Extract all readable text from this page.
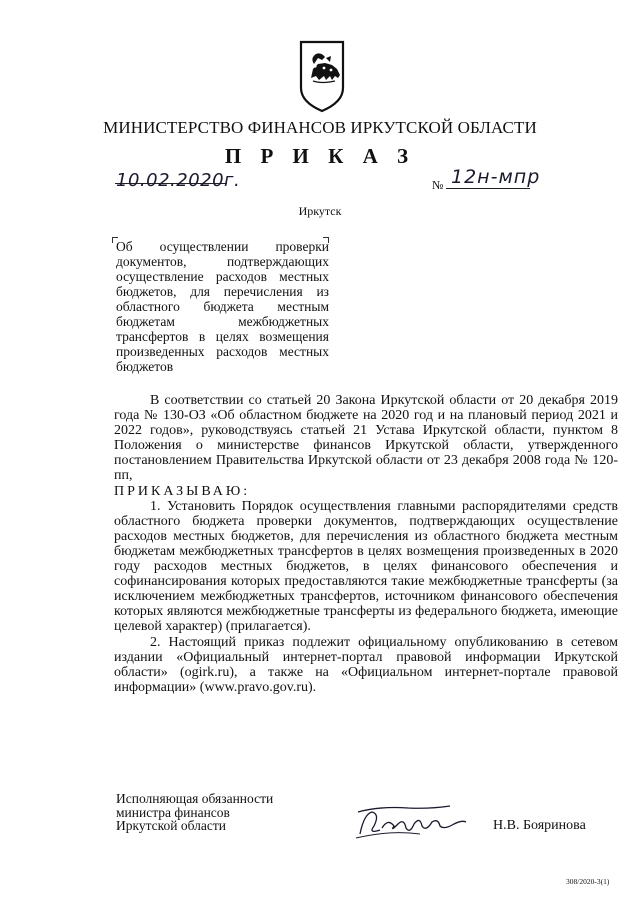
МИНИСТЕРСТВО ФИНАНСОВ ИРКУТСКОЙ ОБЛАСТИ
П Р И К А З
10.02.2020г.	№ 12н-мпр
Иркутск
Об осуществлении проверки документов, подтверждающих осуществление расходов местных бюджетов, для перечисления из областного бюджета местным бюджетам межбюджетных трансфертов в целях возмещения произведенных расходов местных бюджетов

В соответствии со статьей 20 Закона Иркутской области от 20 декабря 2019 года № 130-ОЗ «Об областном бюджете на 2020 год и на плановый период 2021 и 2022 годов», руководствуясь статьей 21 Устава Иркутской области, пунктом 8 Положения о министерстве финансов Иркутской области, утвержденного постановлением Правительства Иркутской области от 23 декабря 2008 года № 120-пп,

ПРИКАЗЫВАЮ:

1. Установить Порядок осуществления главными распорядителями средств областного бюджета проверки документов, подтверждающих осуществление расходов местных бюджетов, для перечисления из областного бюджета местным бюджетам межбюджетных трансфертов в целях возмещения произведенных в 2020 году расходов местных бюджетов, в целях финансового обеспечения и софинансирования которых предоставляются такие межбюджетные трансферты (за исключением межбюджетных трансфертов, источником финансового обеспечения которых являются межбюджетные трансферты из федерального бюджета, имеющие целевой характер) (прилагается).

2. Настоящий приказ подлежит официальному опубликованию в сетевом издании «Официальный интернет-портал правовой информации Иркутской области» (ogirk.ru), а также на «Официальном интернет-портале правовой информации» (www.pravo.gov.ru).

Исполняющая обязанности
министра финансов
Иркутской области	Н.В. Бояринова
308/2020-3(1)
